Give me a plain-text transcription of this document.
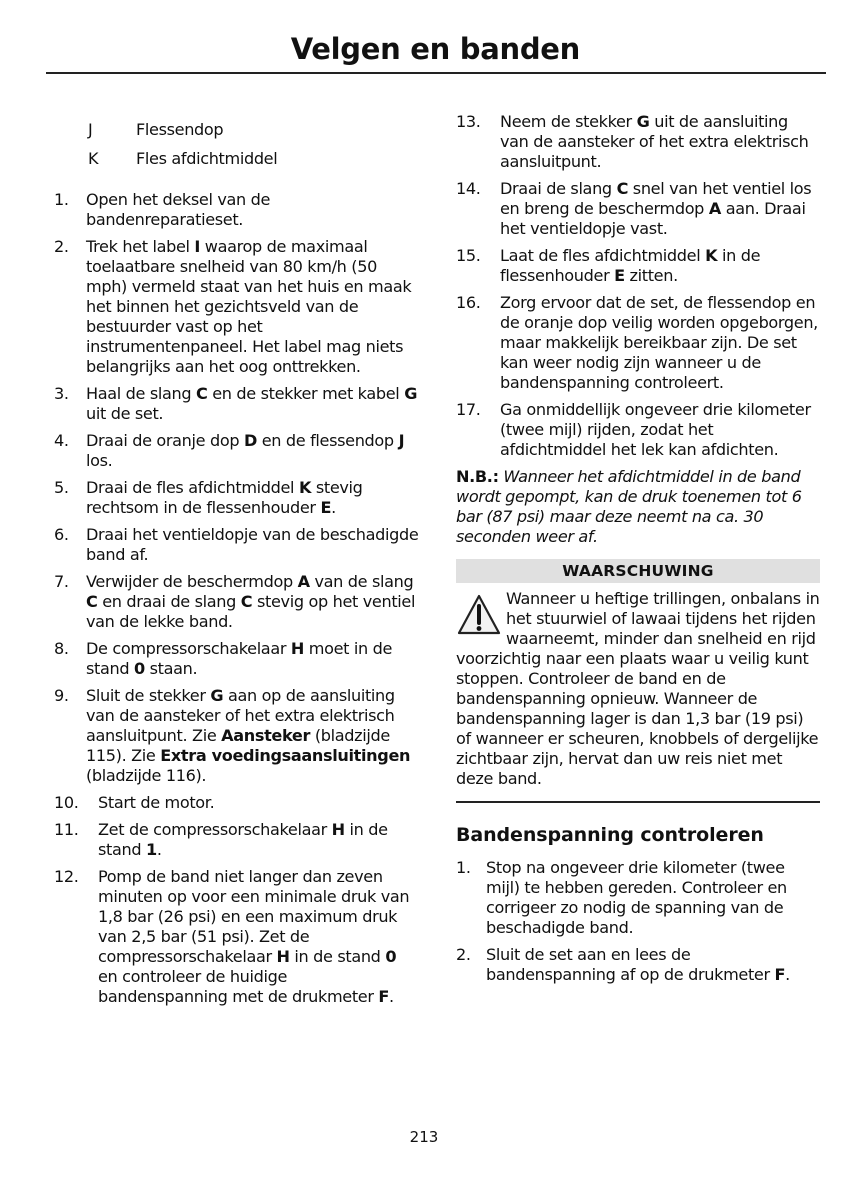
Velgen en banden
J	Flessendop
K	Fles afdichtmiddel
1.	Open het deksel van de bandenreparatieset.
2.	Trek het label I waarop de maximaal toelaatbare snelheid van 80 km/h (50 mph) vermeld staat van het huis en maak het binnen het gezichtsveld van de bestuurder vast op het instrumentenpaneel. Het label mag niets belangrijks aan het oog onttrekken.
3.	Haal de slang C en de stekker met kabel G uit de set.
4.	Draai de oranje dop D en de flessendop J los.
5.	Draai de fles afdichtmiddel K stevig rechtsom in de flessenhouder E.
6.	Draai het ventieldopje van de beschadigde band af.
7.	Verwijder de beschermdop A van de slang C en draai de slang C stevig op het ventiel van de lekke band.
8.	De compressorschakelaar H moet in de stand 0 staan.
9.	Sluit de stekker G aan op de aansluiting van de aansteker of het extra elektrisch aansluitpunt. Zie Aansteker (bladzijde 115). Zie Extra voedingsaansluitingen (bladzijde 116).
10.	Start de motor.
11.	Zet de compressorschakelaar H in de stand 1.
12.	Pomp de band niet langer dan zeven minuten op voor een minimale druk van 1,8 bar (26 psi) en een maximum druk van 2,5 bar (51 psi). Zet de compressorschakelaar H in de stand 0 en controleer de huidige bandenspanning met de drukmeter F.
13.	Neem de stekker G uit de aansluiting van de aansteker of het extra elektrisch aansluitpunt.
14.	Draai de slang C snel van het ventiel los en breng de beschermdop A aan. Draai het ventieldopje vast.
15.	Laat de fles afdichtmiddel K in de flessenhouder E zitten.
16.	Zorg ervoor dat de set, de flessendop en de oranje dop veilig worden opgeborgen, maar makkelijk bereikbaar zijn. De set kan weer nodig zijn wanneer u de bandenspanning controleert.
17.	Ga onmiddellijk ongeveer drie kilometer (twee mijl) rijden, zodat het afdichtmiddel het lek kan afdichten.
N.B.: Wanneer het afdichtmiddel in de band wordt gepompt, kan de druk toenemen tot 6 bar (87 psi) maar deze neemt na ca. 30 seconden weer af.
WAARSCHUWING
Wanneer u heftige trillingen, onbalans in het stuurwiel of lawaai tijdens het rijden waarneemt, minder dan snelheid en rijd voorzichtig naar een plaats waar u veilig kunt stoppen. Controleer de band en de bandenspanning opnieuw. Wanneer de bandenspanning lager is dan 1,3 bar (19 psi) of wanneer er scheuren, knobbels of dergelijke zichtbaar zijn, hervat dan uw reis niet met deze band.
Bandenspanning controleren
1. Stop na ongeveer drie kilometer (twee mijl) te hebben gereden. Controleer en corrigeer zo nodig de spanning van de beschadigde band.
2. Sluit de set aan en lees de bandenspanning af op de drukmeter F.
213
